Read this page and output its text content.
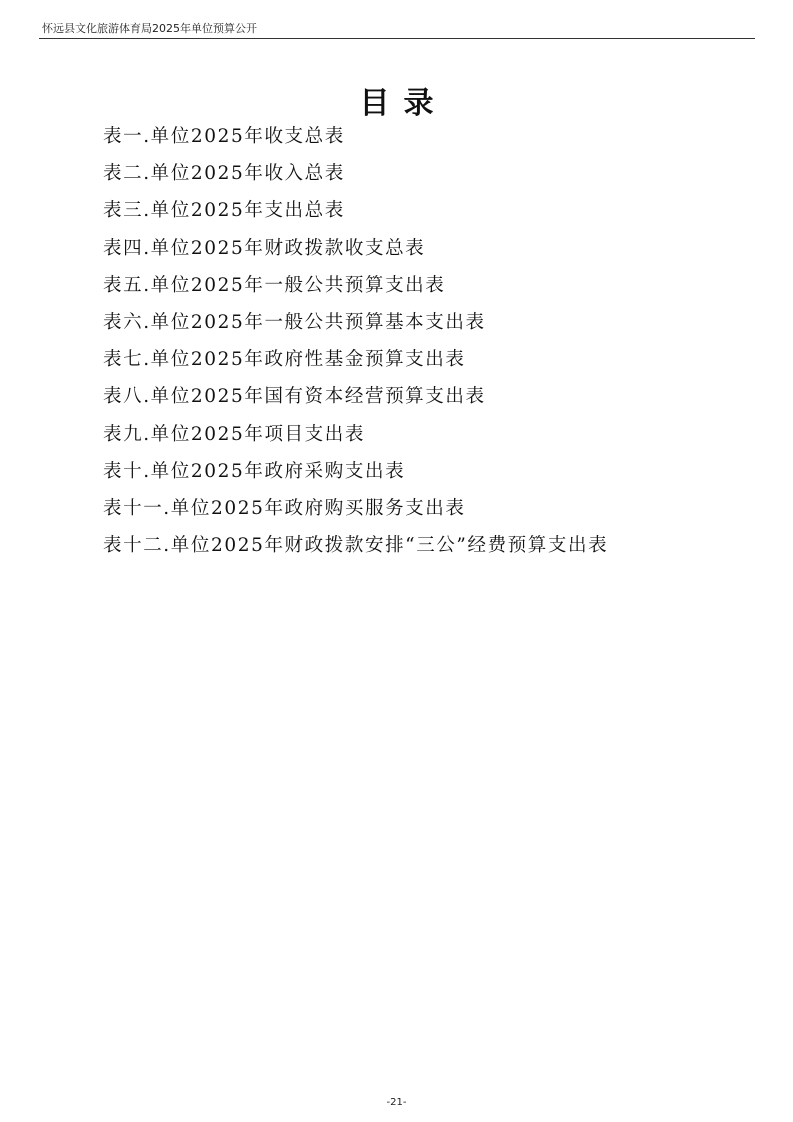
怀远县文化旅游体育局2025年单位预算公开
目录
表一.单位2025年收支总表
表二.单位2025年收入总表
表三.单位2025年支出总表
表四.单位2025年财政拨款收支总表
表五.单位2025年一般公共预算支出表
表六.单位2025年一般公共预算基本支出表
表七.单位2025年政府性基金预算支出表
表八.单位2025年国有资本经营预算支出表
表九.单位2025年项目支出表
表十.单位2025年政府采购支出表
表十一.单位2025年政府购买服务支出表
表十二.单位2025年财政拨款安排“三公”经费预算支出表
-21-
